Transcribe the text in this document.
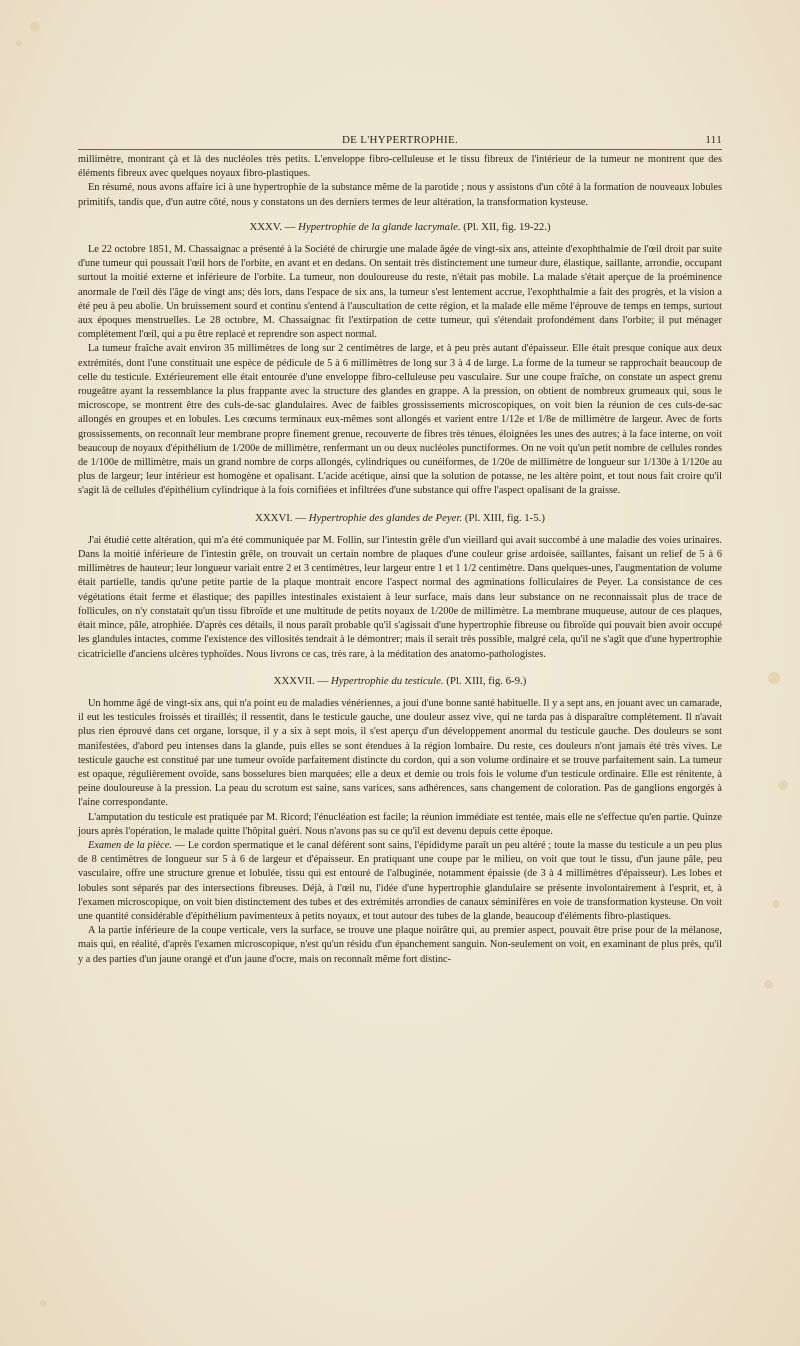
DE L'HYPERTROPHIE.	111

millimètre, montrant çà et là des nucléoles très petits. L'enveloppe fibro-celluleuse et le tissu fibreux de l'intérieur de la tumeur ne montrent que des éléments fibreux avec quelques noyaux fibro-plastiques.

En résumé, nous avons affaire ici à une hypertrophie de la substance même de la parotide ; nous y assistons d'un côté à la formation de nouveaux lobules primitifs, tandis que, d'un autre côté, nous y constatons un des derniers termes de leur altération, la transformation kysteuse.

XXXV. — Hypertrophie de la glande lacrymale. (Pl. XII, fig. 19-22.)

Le 22 octobre 1851, M. Chassaignac a présenté à la Société de chirurgie une malade âgée de vingt-six ans, atteinte d'exophthalmie de l'œil droit par suite d'une tumeur qui poussait l'œil hors de l'orbite, en avant et en dedans. On sentait très distinctement une tumeur dure, élastique, saillante, arrondie, occupant surtout la moitié externe et inférieure de l'orbite. La tumeur, non douloureuse du reste, n'était pas mobile. La malade s'était aperçue de la proéminence anormale de l'œil dès l'âge de vingt ans; dès lors, dans l'espace de six ans, la tumeur s'est lentement accrue, l'exophthalmie a fait des progrès, et la vision a été peu à peu abolie. Un bruissement sourd et continu s'entend à l'auscultation de cette région, et la malade elle même l'éprouve de temps en temps, surtout aux époques menstruelles. Le 28 octobre, M. Chassaignac fit l'extirpation de cette tumeur, qui s'étendait profondément dans l'orbite; il put ménager complétement l'œil, qui a pu être replacé et reprendre son aspect normal.

La tumeur fraîche avait environ 35 millimètres de long sur 2 centimètres de large, et à peu près autant d'épaisseur. Elle était presque conique aux deux extrémités, dont l'une constituait une espèce de pédicule de 5 à 6 millimètres de long sur 3 à 4 de large. La forme de la tumeur se rapprochait beaucoup de celle du testicule. Extérieurement elle était entourée d'une enveloppe fibro-celluleuse peu vasculaire. Sur une coupe fraîche, on constate un aspect grenu rougeâtre ayant la ressemblance la plus frappante avec la structure des glandes en grappe. A la pression, on obtient de nombreux grumeaux qui, sous le microscope, se montrent être des culs-de-sac glandulaires. Avec de faibles grossissements microscopiques, on voit bien la réunion de ces culs-de-sac allongés en groupes et en lobules. Les cœcums terminaux eux-mêmes sont allongés et varient entre 1/12e et 1/8e de millimètre de largeur. Avec de forts grossissements, on reconnaît leur membrane propre finement grenue, recouverte de fibres très ténues, éloignées les unes des autres; à la face interne, on voit beaucoup de noyaux d'épithélium de 1/200e de millimètre, renfermant un ou deux nucléoles punctiformes. On ne voit qu'un petit nombre de cellules rondes de 1/100e de millimètre, mais un grand nombre de corps allongés, cylindriques ou cunéiformes, de 1/20e de millimètre de longueur sur 1/130e à 1/120e au plus de largeur; leur intérieur est homogène et opalisant. L'acide acétique, ainsi que la solution de potasse, ne les altère point, et tout nous fait croire qu'il s'agit là de cellules d'épithélium cylindrique à la fois cornifiées et infiltrées d'une substance qui offre l'aspect opalisant de la graisse.

XXXVI. — Hypertrophie des glandes de Peyer. (Pl. XIII, fig. 1-5.)

J'ai étudié cette altération, qui m'a été communiquée par M. Follin, sur l'intestin grêle d'un vieillard qui avait succombé à une maladie des voies urinaires. Dans la moitié inférieure de l'intestin grêle, on trouvait un certain nombre de plaques d'une couleur grise ardoisée, saillantes, faisant un relief de 5 à 6 millimètres de hauteur; leur longueur variait entre 2 et 3 centimètres, leur largeur entre 1 et 1 1/2 centimètre. Dans quelques-unes, l'augmentation de volume était partielle, tandis qu'une petite partie de la plaque montrait encore l'aspect normal des agminations folliculaires de Peyer. La consistance de ces végétations était ferme et élastique; des papilles intestinales existaient à leur surface, mais dans leur substance on ne reconnaissait plus de trace de follicules, on n'y constatait qu'un tissu fibroïde et une multitude de petits noyaux de 1/200e de millimètre. La membrane muqueuse, autour de ces plaques, était mince, pâle, atrophiée. D'après ces détails, il nous paraît probable qu'il s'agissait d'une hypertrophie fibreuse ou fibroïde qui pouvait bien avoir occupé les glandules intactes, comme l'existence des villosités tendrait à le démontrer; mais il serait très possible, malgré cela, qu'il ne s'agît que d'une hypertrophie cicatricielle d'anciens ulcères typhoïdes. Nous livrons ce cas, très rare, à la méditation des anatomo-pathologistes.

XXXVII. — Hypertrophie du testicule. (Pl. XIII, fig. 6-9.)

Un homme âgé de vingt-six ans, qui n'a point eu de maladies vénériennes, a joui d'une bonne santé habituelle. Il y a sept ans, en jouant avec un camarade, il eut les testicules froissés et tiraillés; il ressentit, dans le testicule gauche, une douleur assez vive, qui ne tarda pas à disparaître complétement. Il n'avait plus rien éprouvé dans cet organe, lorsque, il y a six à sept mois, il s'est aperçu d'un développement anormal du testicule gauche. Des douleurs se sont manifestées, d'abord peu intenses dans la glande, puis elles se sont étendues à la région lombaire. Du reste, ces douleurs n'ont jamais été très vives. Le testicule gauche est constitué par une tumeur ovoïde parfaitement distincte du cordon, qui a son volume ordinaire et se trouve parfaitement sain. La tumeur est opaque, régulièrement ovoïde, sans bosselures bien marquées; elle a deux et demie ou trois fois le volume d'un testicule ordinaire. Elle est rénitente, à peine douloureuse à la pression. La peau du scrotum est saine, sans varices, sans adhérences, sans changement de coloration. Pas de ganglions engorgés à l'aine correspondante.

L'amputation du testicule est pratiquée par M. Ricord; l'énucléation est facile; la réunion immédiate est tentée, mais elle ne s'effectue qu'en partie. Quinze jours après l'opération, le malade quitte l'hôpital guéri. Nous n'avons pas su ce qu'il est devenu depuis cette époque.

Examen de la pièce. — Le cordon spermatique et le canal déférent sont sains, l'épididyme paraît un peu altéré ; toute la masse du testicule a un peu plus de 8 centimètres de longueur sur 5 à 6 de largeur et d'épaisseur. En pratiquant une coupe par le milieu, on voit que tout le tissu, d'un jaune pâle, peu vasculaire, offre une structure grenue et lobulée, tissu qui est entouré de l'albuginée, notamment épaissie (de 3 à 4 millimètres d'épaisseur). Les lobes et lobules sont séparés par des intersections fibreuses. Déjà, à l'œil nu, l'idée d'une hypertrophie glandulaire se présente involontairement à l'esprit, et, à l'examen microscopique, on voit bien distinctement des tubes et des extrémités arrondies de canaux séminifères en voie de transformation kysteuse. On voit une quantité considérable d'épithélium pavimenteux à petits noyaux, et tout autour des tubes de la glande, beaucoup d'éléments fibro-plastiques.

A la partie inférieure de la coupe verticale, vers la surface, se trouve une plaque noirâtre qui, au premier aspect, pouvait être prise pour de la mélanose, mais qui, en réalité, d'après l'examen microscopique, n'est qu'un résidu d'un épanchement sanguin. Non-seulement on voit, en examinant de plus près, qu'il y a des parties d'un jaune orangé et d'un jaune d'ocre, mais on reconnaît même fort distinc-
